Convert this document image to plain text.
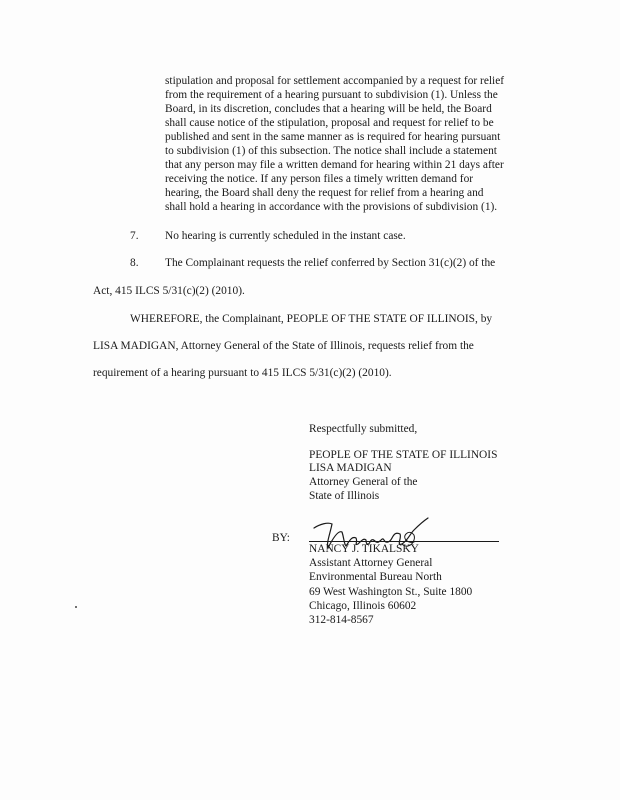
stipulation and proposal for settlement accompanied by a request for relief
from the requirement of a hearing pursuant to subdivision (1). Unless the
Board, in its discretion, concludes that a hearing will be held, the Board
shall cause notice of the stipulation, proposal and request for relief to be
published and sent in the same manner as is required for hearing pursuant
to subdivision (1) of this subsection. The notice shall include a statement
that any person may file a written demand for hearing within 21 days after
receiving the notice. If any person files a timely written demand for
hearing, the Board shall deny the request for relief from a hearing and
shall hold a hearing in accordance with the provisions of subdivision (1).
7. No hearing is currently scheduled in the instant case.
8. The Complainant requests the relief conferred by Section 31(c)(2) of the
Act, 415 ILCS 5/31(c)(2) (2010).
WHEREFORE, the Complainant, PEOPLE OF THE STATE OF ILLINOIS, by
LISA MADIGAN, Attorney General of the State of Illinois, requests relief from the
requirement of a hearing pursuant to 415 ILCS 5/31(c)(2) (2010).
Respectfully submitted,
PEOPLE OF THE STATE OF ILLINOIS
LISA MADIGAN
Attorney General of the
State of Illinois
BY:
NANCY J. TIKALSKY
Assistant Attorney General
Environmental Bureau North
69 West Washington St., Suite 1800
Chicago, Illinois 60602
312-814-8567
